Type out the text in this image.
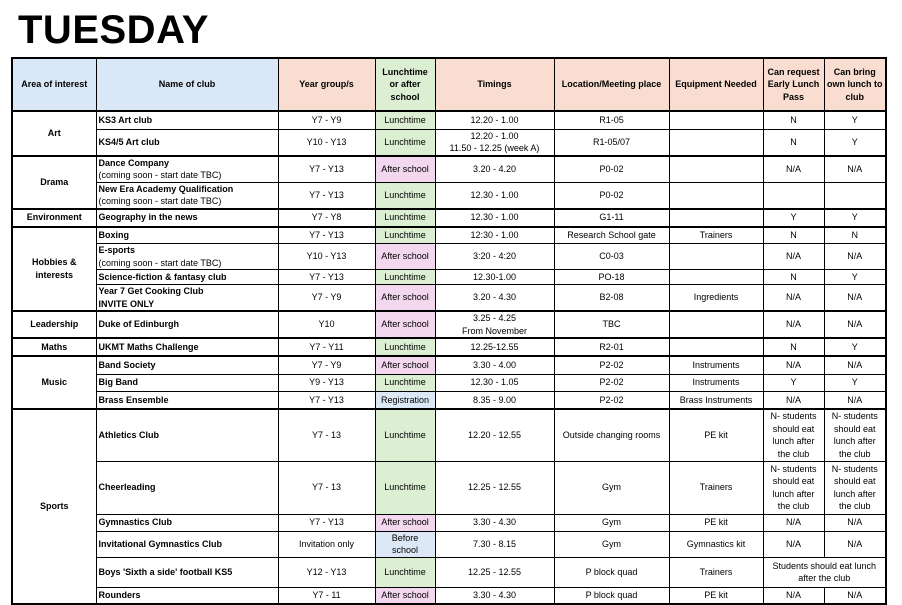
TUESDAY
Area of interest	Name of club	Year group/s	Lunchtime or after school	Timings	Location/Meeting place	Equipment Needed	Can request Early Lunch Pass	Can bring own lunch to club
Art	KS3 Art club	Y7 - Y9	Lunchtime	12.20 - 1.00	R1-05		N	Y
	KS4/5 Art club	Y10 - Y13	Lunchtime	12.20 - 1.00
11.50 - 12.25 (week A)	R1-05/07		N	Y
Drama	Dance Company
(coming soon - start date TBC)	Y7 - Y13	After school	3.20 - 4.20	P0-02		N/A	N/A
	New Era Academy Qualification
(coming soon - start date TBC)	Y7 - Y13	Lunchtime	12.30 - 1.00	P0-02			
Environment	Geography in the news	Y7 - Y8	Lunchtime	12.30 - 1.00	G1-11		Y	Y
Hobbies & interests	Boxing	Y7 - Y13	Lunchtime	12:30 - 1.00	Research School gate	Trainers	N	N
	E-sports
(coming soon - start date TBC)	Y10 - Y13	After school	3:20 - 4:20	C0-03		N/A	N/A
	Science-fiction & fantasy club	Y7 - Y13	Lunchtime	12.30-1.00	PO-18		N	Y
	Year 7 Get Cooking Club
INVITE ONLY	Y7 - Y9	After school	3.20 - 4.30	B2-08	Ingredients	N/A	N/A
Leadership	Duke of Edinburgh	Y10	After school	3.25 - 4.25
From November	TBC		N/A	N/A
Maths	UKMT Maths Challenge	Y7 - Y11	Lunchtime	12.25-12.55	R2-01		N	Y
Music	Band Society	Y7 - Y9	After school	3.30 - 4.00	P2-02	Instruments	N/A	N/A
	Big Band	Y9 - Y13	Lunchtime	12.30 - 1.05	P2-02	Instruments	Y	Y
	Brass Ensemble	Y7 - Y13	Registration	8.35 - 9.00	P2-02	Brass Instruments	N/A	N/A
Sports	Athletics Club	Y7 - 13	Lunchtime	12.20 - 12.55	Outside changing rooms	PE kit	N- students should eat lunch after the club	N- students should eat lunch after the club
	Cheerleading	Y7 - 13	Lunchtime	12.25 - 12.55	Gym	Trainers	N- students should eat lunch after the club	N- students should eat lunch after the club
	Gymnastics Club	Y7 - Y13	After school	3.30 - 4.30	Gym	PE kit	N/A	N/A
	Invitational Gymnastics Club	Invitation only	Before school	7.30 - 8.15	Gym	Gymnastics kit	N/A	N/A
	Boys 'Sixth a side' football KS5	Y12 - Y13	Lunchtime	12.25 - 12.55	P block quad	Trainers	Students should eat lunch after the club	
	Rounders	Y7 - 11	After school	3.30 - 4.30	P block quad	PE kit	N/A	N/A
